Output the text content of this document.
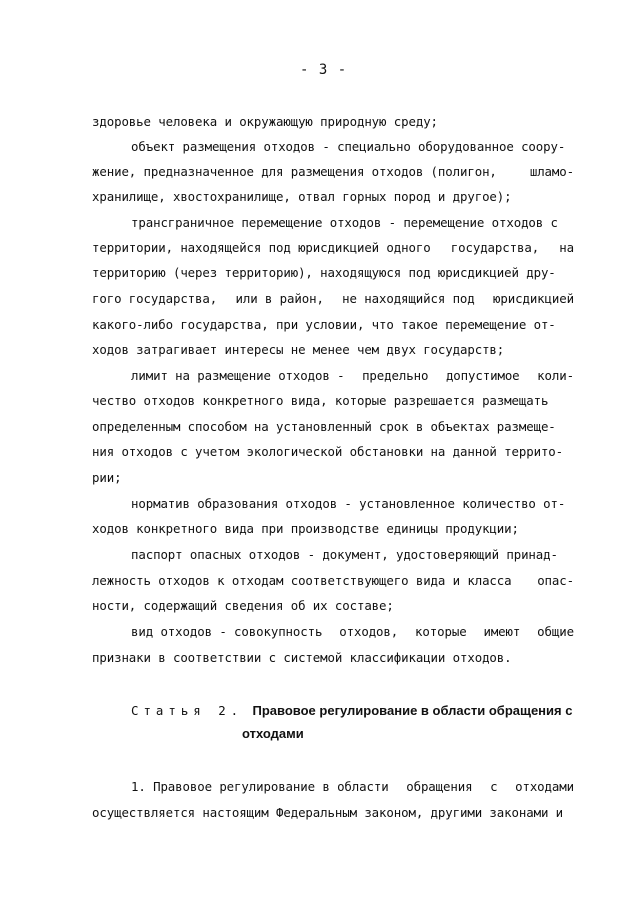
- 3 -
здоровье человека и окружающую природную среду;
объект размещения отходов - специально оборудованное соору-
жение, предназначенное для размещения отходов (полигон,	шламо-
хранилище, хвостохранилище, отвал горных пород и другое);
трансграничное перемещение отходов - перемещение отходов с
территории, находящейся под юрисдикцией одного государства, на
территорию (через территорию), находящуюся под юрисдикцией дру-
гого государства, или в район, не находящийся под юрисдикцией
какого-либо государства, при условии, что такое перемещение от-
ходов затрагивает интересы не менее чем двух государств;
лимит на размещение отходов - предельно допустимое коли-
чество отходов конкретного вида, которые разрешается размещать
определенным способом на установленный срок в объектах размеще-
ния отходов с учетом экологической обстановки на данной террито-
рии;
норматив образования отходов - установленное количество от-
ходов конкретного вида при производстве единицы продукции;
паспорт опасных отходов - документ, удостоверяющий принад-
лежность отходов к отходам соответствующего вида и класса опас-
ности, содержащий сведения об их составе;
вид отходов - совокупность отходов, которые имеют общие
признаки в соответствии с системой классификации отходов.
Статья 2. Правовое регулирование в области обращения с
отходами
1. Правовое регулирование в области обращения с отходами
осуществляется настоящим Федеральным законом, другими законами и
